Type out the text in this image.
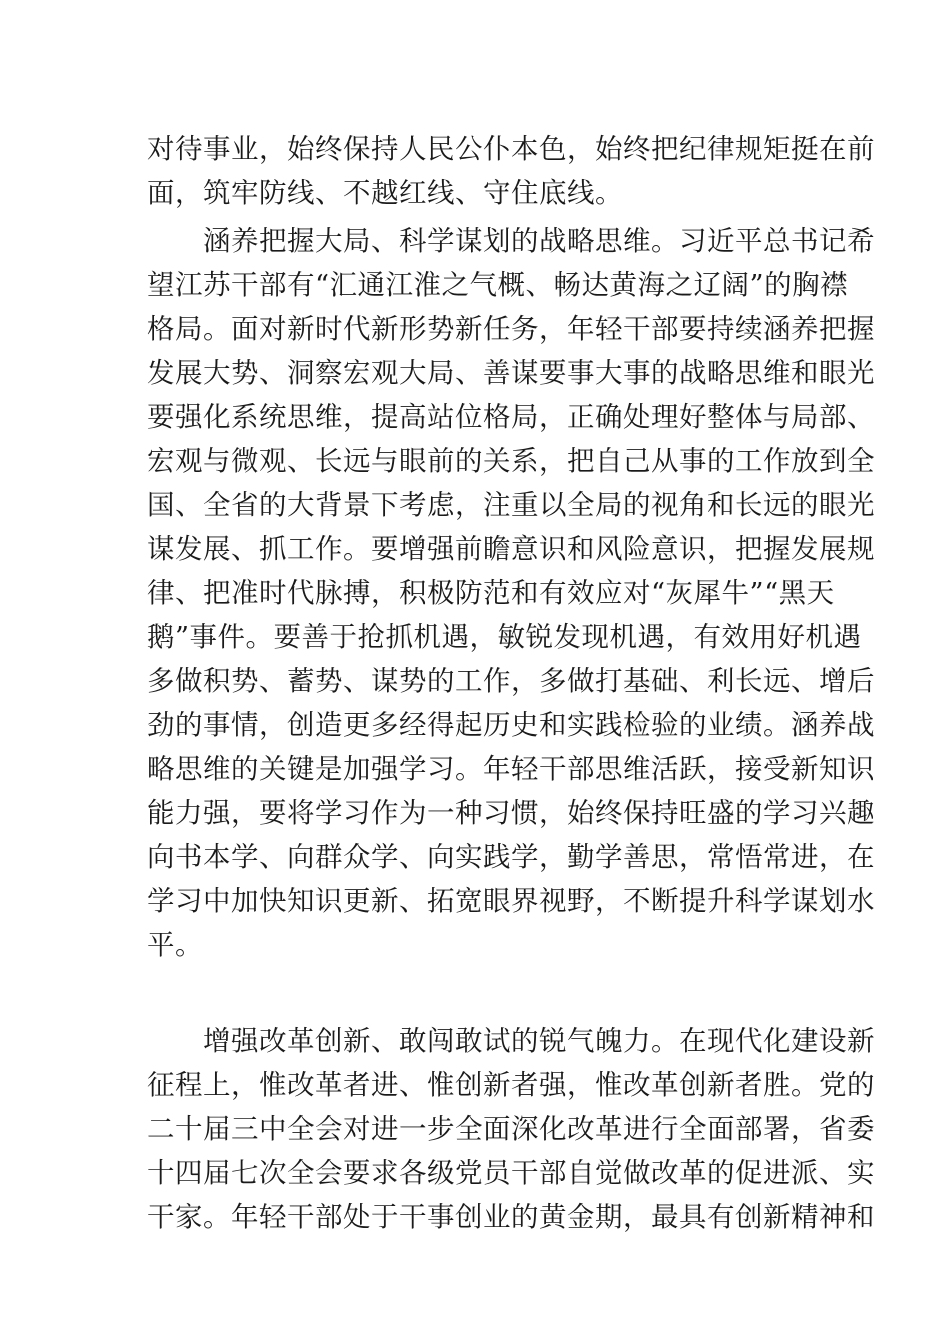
对待事业，始终保持人民公仆本色，始终把纪律规矩挺在前
面，筑牢防线、不越红线、守住底线。
涵养把握大局、科学谋划的战略思维。习近平总书记希
望江苏干部有“汇通江淮之气概、畅达黄海之辽阔”的胸襟
格局。面对新时代新形势新任务，年轻干部要持续涵养把握
发展大势、洞察宏观大局、善谋要事大事的战略思维和眼光
要强化系统思维，提高站位格局，正确处理好整体与局部、
宏观与微观、长远与眼前的关系，把自己从事的工作放到全
国、全省的大背景下考虑，注重以全局的视角和长远的眼光
谋发展、抓工作。要增强前瞻意识和风险意识，把握发展规
律、把准时代脉搏，积极防范和有效应对“灰犀牛”“黑天
鹅”事件。要善于抢抓机遇，敏锐发现机遇，有效用好机遇
多做积势、蓄势、谋势的工作，多做打基础、利长远、增后
劲的事情，创造更多经得起历史和实践检验的业绩。涵养战
略思维的关键是加强学习。年轻干部思维活跃，接受新知识
能力强，要将学习作为一种习惯，始终保持旺盛的学习兴趣
向书本学、向群众学、向实践学，勤学善思，常悟常进，在
学习中加快知识更新、拓宽眼界视野，不断提升科学谋划水
平。
增强改革创新、敢闯敢试的锐气魄力。在现代化建设新
征程上，惟改革者进、惟创新者强，惟改革创新者胜。党的
二十届三中全会对进一步全面深化改革进行全面部署，省委
十四届七次全会要求各级党员干部自觉做改革的促进派、实
干家。年轻干部处于干事创业的黄金期，最具有创新精神和
